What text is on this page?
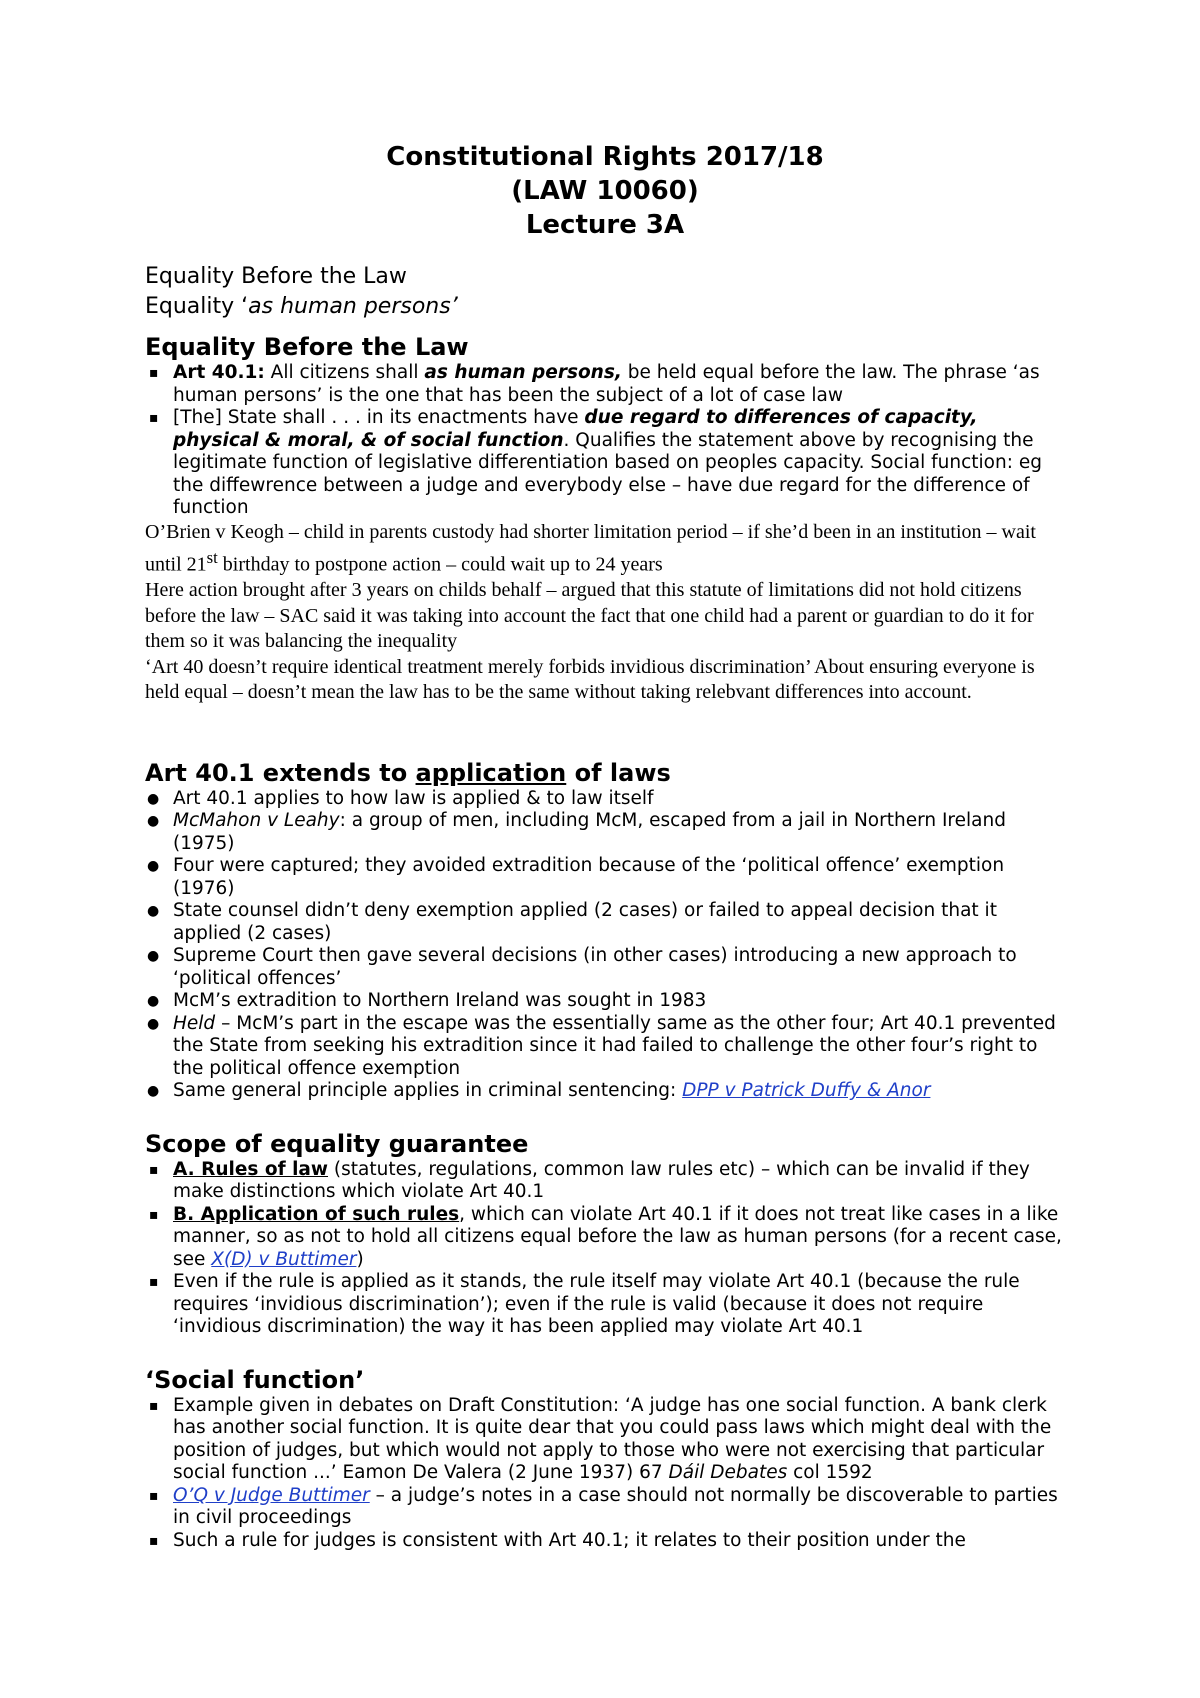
Constitutional Rights 2017/18
(LAW 10060)
Lecture 3A
Equality Before the Law
Equality ‘as human persons’
Equality Before the Law
▪ Art 40.1: All citizens shall as human persons, be held equal before the law. The phrase ‘as human persons’ is the one that has been the subject of a lot of case law
▪ [The] State shall . . . in its enactments have due regard to differences of capacity, physical & moral, & of social function. Qualifies the statement above by recognising the legitimate function of legislative differentiation based on peoples capacity. Social function: eg the diffewrence between a judge and everybody else – have due regard for the difference of function
O’Brien v Keogh – child in parents custody had shorter limitation period – if she’d been in an institution – wait until 21st birthday to postpone action – could wait up to 24 years
Here action brought after 3 years on childs behalf – argued that this statute of limitations did not hold citizens before the law – SAC said it was taking into account the fact that one child had a parent or guardian to do it for them so it was balancing the inequality
‘Art 40 doesn’t require identical treatment merely forbids invidious discrimination’ About ensuring everyone is held equal – doesn’t mean the law has to be the same without taking relebvant differences into account.
Art 40.1 extends to application of laws
● Art 40.1 applies to how law is applied & to law itself
● McMahon v Leahy: a group of men, including McM, escaped from a jail in Northern Ireland (1975)
● Four were captured; they avoided extradition because of the ‘political offence’ exemption (1976)
● State counsel didn’t deny exemption applied (2 cases) or failed to appeal decision that it applied (2 cases)
● Supreme Court then gave several decisions (in other cases) introducing a new approach to ‘political offences’
● McM’s extradition to Northern Ireland was sought in 1983
● Held – McM’s part in the escape was the essentially same as the other four; Art 40.1 prevented the State from seeking his extradition since it had failed to challenge the other four’s right to the political offence exemption
● Same general principle applies in criminal sentencing: DPP v Patrick Duffy & Anor
Scope of equality guarantee
▪ A. Rules of law (statutes, regulations, common law rules etc) – which can be invalid if they make distinctions which violate Art 40.1
▪ B. Application of such rules, which can violate Art 40.1 if it does not treat like cases in a like manner, so as not to hold all citizens equal before the law as human persons (for a recent case, see X(D) v Buttimer)
▪ Even if the rule is applied as it stands, the rule itself may violate Art 40.1 (because the rule requires ‘invidious discrimination’); even if the rule is valid (because it does not require ‘invidious discrimination) the way it has been applied may violate Art 40.1
‘Social function’
▪ Example given in debates on Draft Constitution: ‘A judge has one social function. A bank clerk has another social function. It is quite dear that you could pass laws which might deal with the position of judges, but which would not apply to those who were not exercising that particular social function ...’ Eamon De Valera (2 June 1937) 67 Dáil Debates col 1592
▪ O’Q v Judge Buttimer – a judge’s notes in a case should not normally be discoverable to parties in civil proceedings
▪ Such a rule for judges is consistent with Art 40.1; it relates to their position under the
